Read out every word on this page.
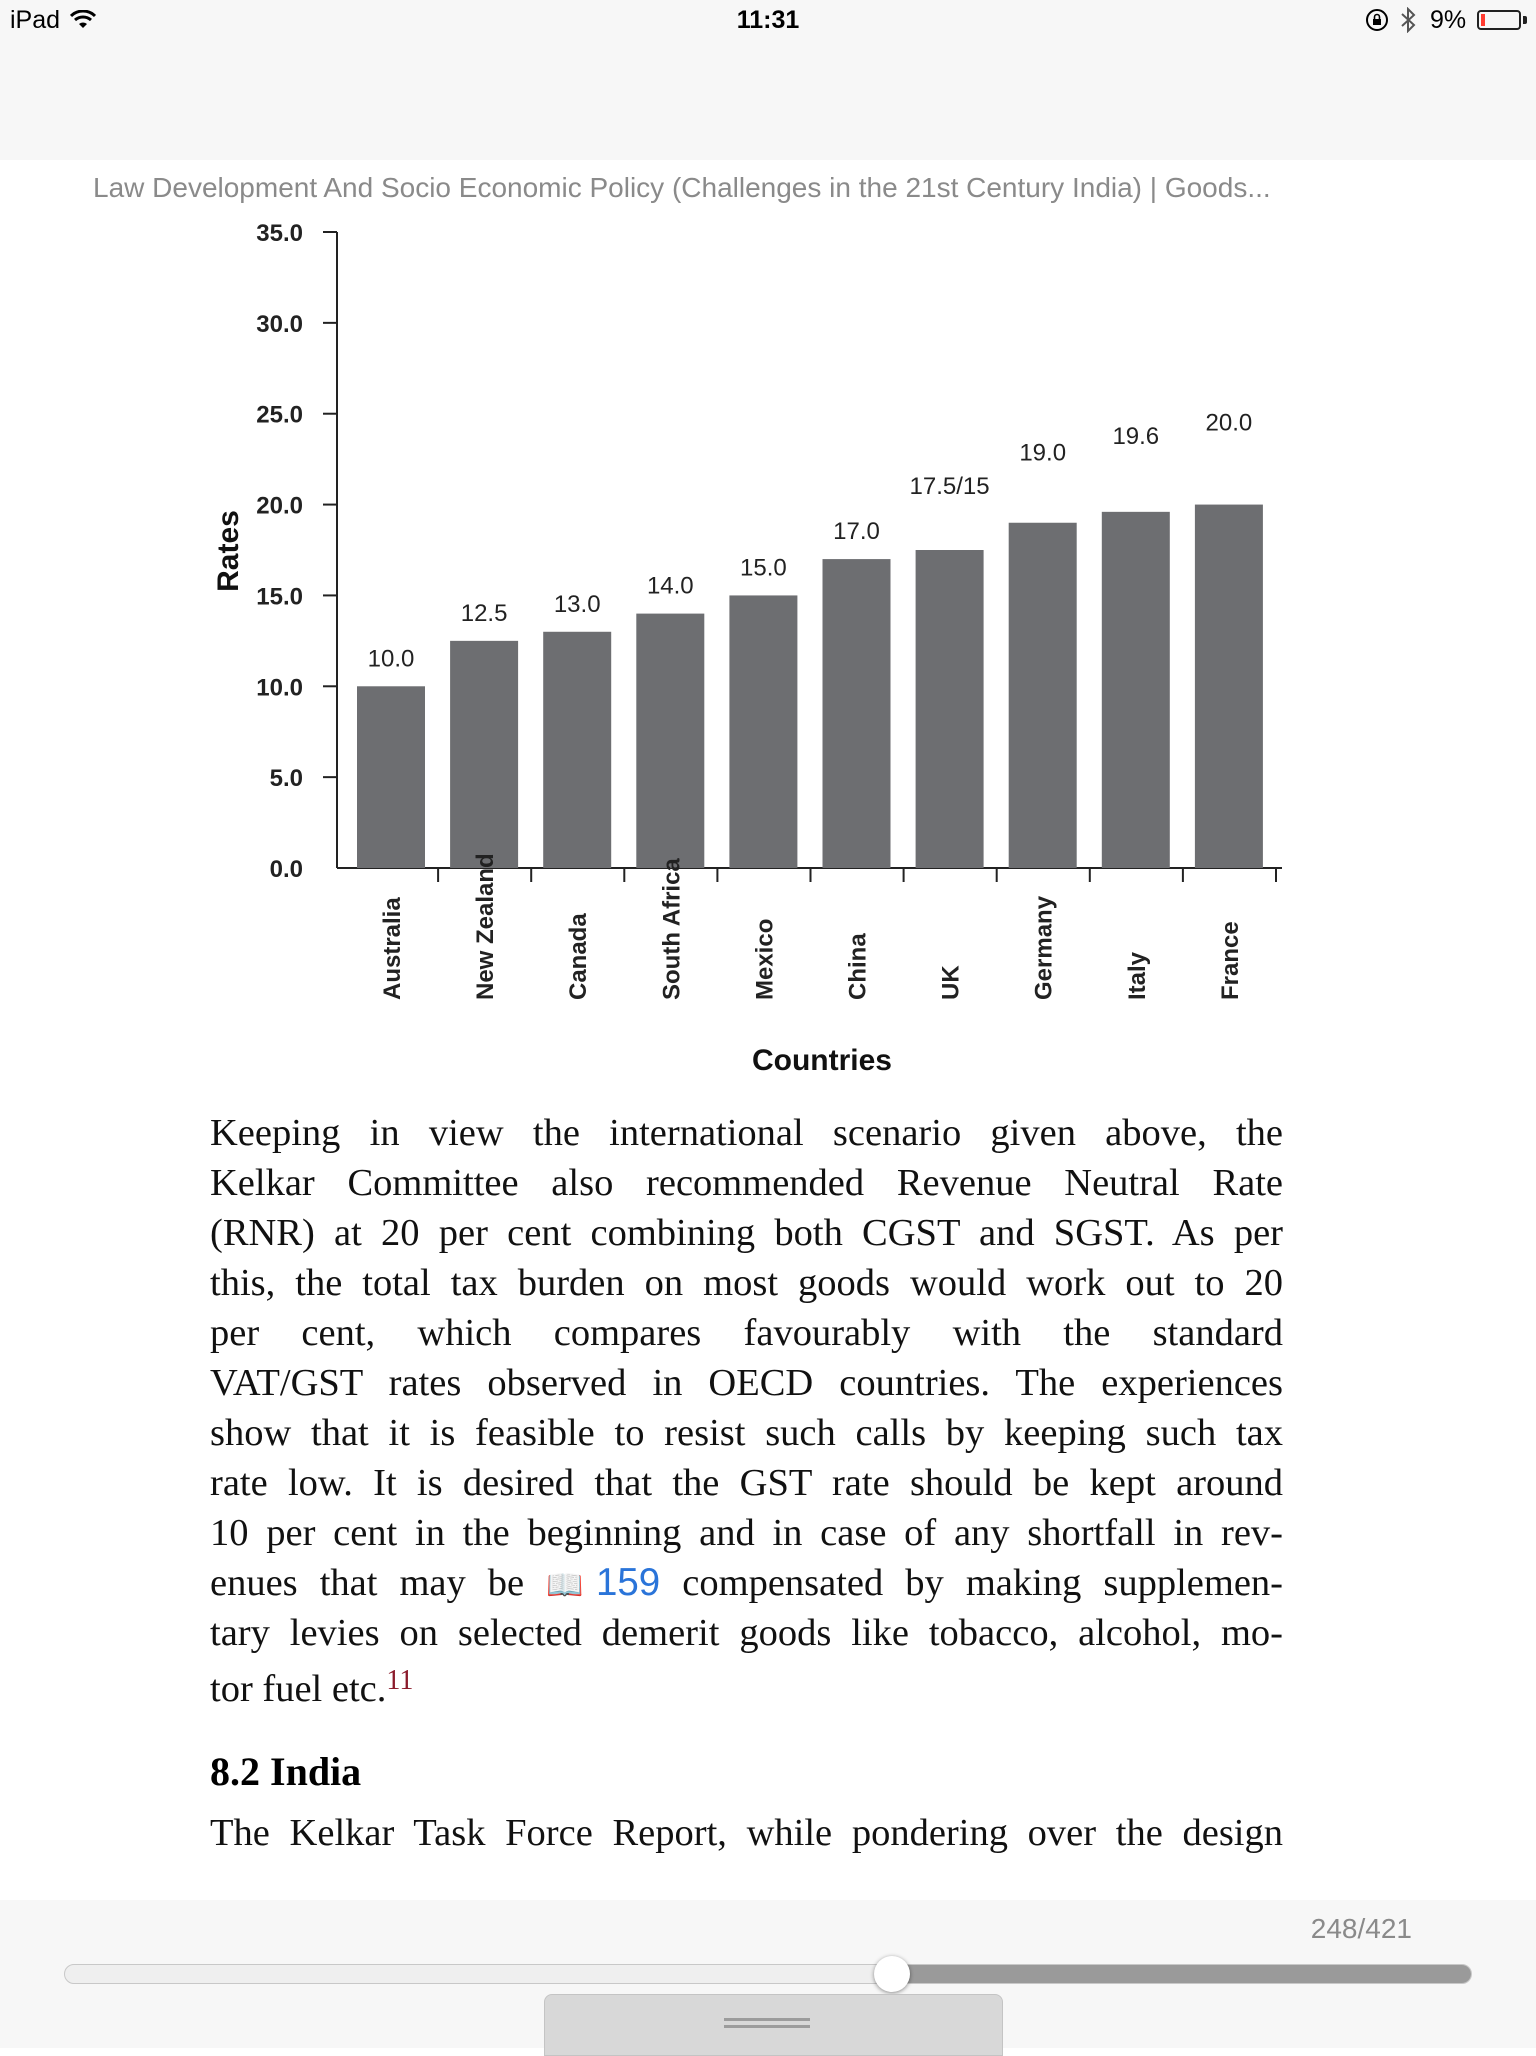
iPad	11:31	9%
Law Development And Socio Economic Policy (Challenges in the 21st Century India) | Goods...
0.0
5.0
10.0
15.0
20.0
25.0
30.0
35.0
10.0
Australia
12.5
New Zealand
13.0
Canada
14.0
South Africa
15.0
Mexico
17.0
China
17.5/15
UK
19.0
Germany
19.6
Italy
20.0
France
Countries
Rates
Keeping in view the international scenario given above, the
Kelkar Committee also recommended Revenue Neutral Rate
(RNR) at 20 per cent combining both CGST and SGST. As per
this, the total tax burden on most goods would work out to 20
per cent, which compares favourably with the standard
VAT/GST rates observed in OECD countries. The experiences
show that it is feasible to resist such calls by keeping such tax
rate low. It is desired that the GST rate should be kept around
10 per cent in the beginning and in case of any shortfall in rev-
enues that may be 📖159 compensated by making supplemen-
tary levies on selected demerit goods like tobacco, alcohol, mo-
tor fuel etc.$^{11}$
8.2 India
The Kelkar Task Force Report, while pondering over the design
248/421
